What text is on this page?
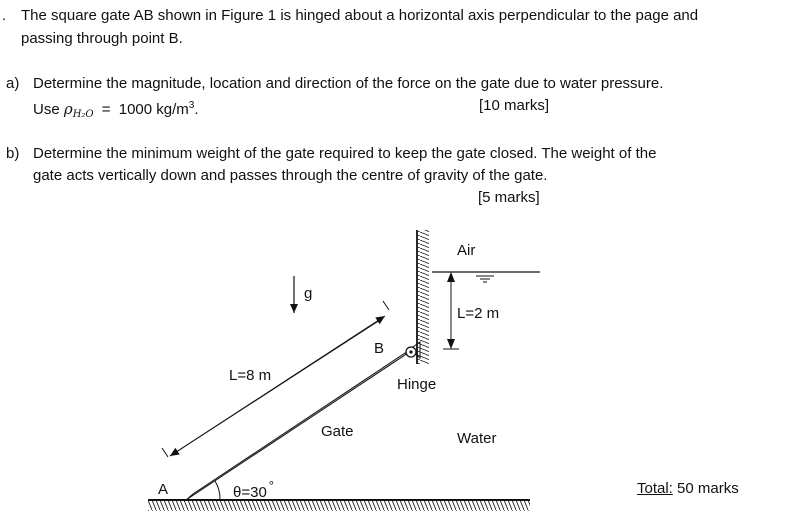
. The square gate AB shown in Figure 1 is hinged about a horizontal axis perpendicular to the page and
passing through point B.
a) Determine the magnitude, location and direction of the force on the gate due to water pressure.
Use $\rho_{H_2O} = 1000$ $kg/m^3$.	[10 marks]
b) Determine the minimum weight of the gate required to keep the gate closed. The weight of the
gate acts vertically down and passes through the centre of gravity of the gate.
[5 marks]
Air
L=2 m
g
B
Hinge
L=8 m
Gate	Water
A	θ=30 °	Total: 50 marks
